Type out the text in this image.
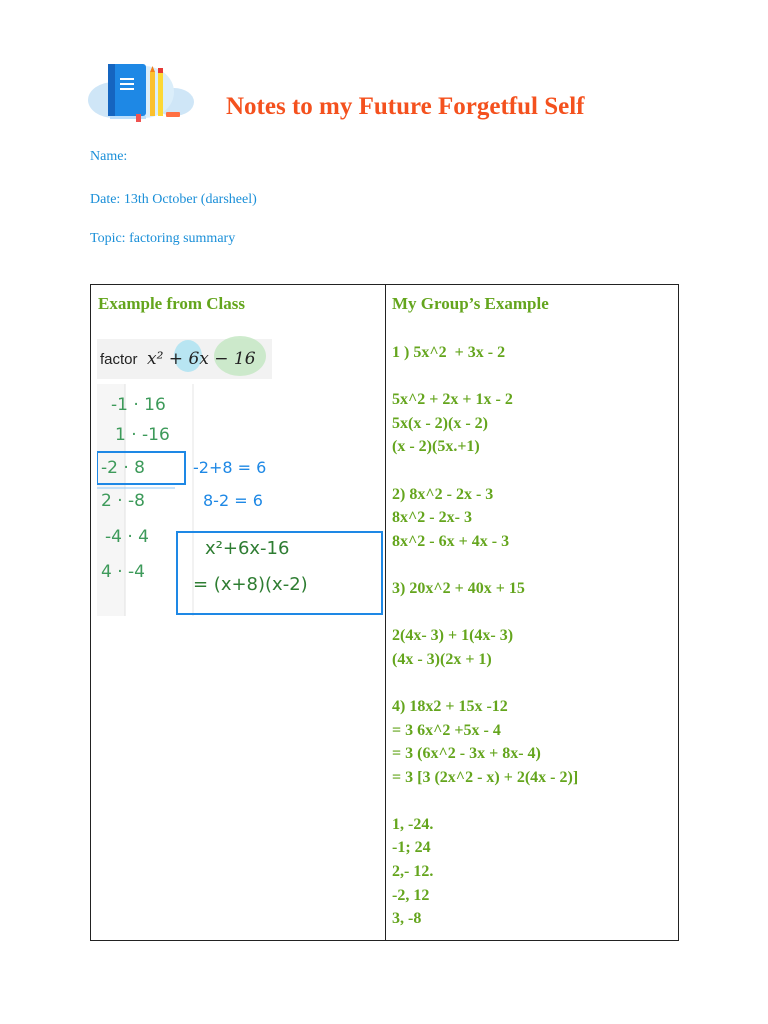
Notes to my Future Forgetful Self
Name:
Date: 13th October (darsheel)
Topic: factoring summary
Example from Class
factor x² + 6x − 16
-1 · 16
1 · -16
-2 · 8
2 · -8
-4 · 4
4 · -4
-2+8 = 6
8-2 = 6
x²+6x-16
= (x+8)(x-2)
My Group’s Example
1 ) 5x^2  + 3x - 2
5x^2 + 2x + 1x - 2
5x(x - 2)(x - 2)
(x - 2)(5x.+1)
2) 8x^2 - 2x - 3
8x^2 - 2x- 3
8x^2 - 6x + 4x - 3
3) 20x^2 + 40x + 15
2(4x- 3) + 1(4x- 3)
(4x - 3)(2x + 1)
4) 18x2 + 15x -12
= 3 6x^2 +5x - 4
= 3 (6x^2 - 3x + 8x- 4)
= 3 [3 (2x^2 - x) + 2(4x - 2)]
1, -24.
-1; 24
2,- 12.
-2, 12
3, -8
